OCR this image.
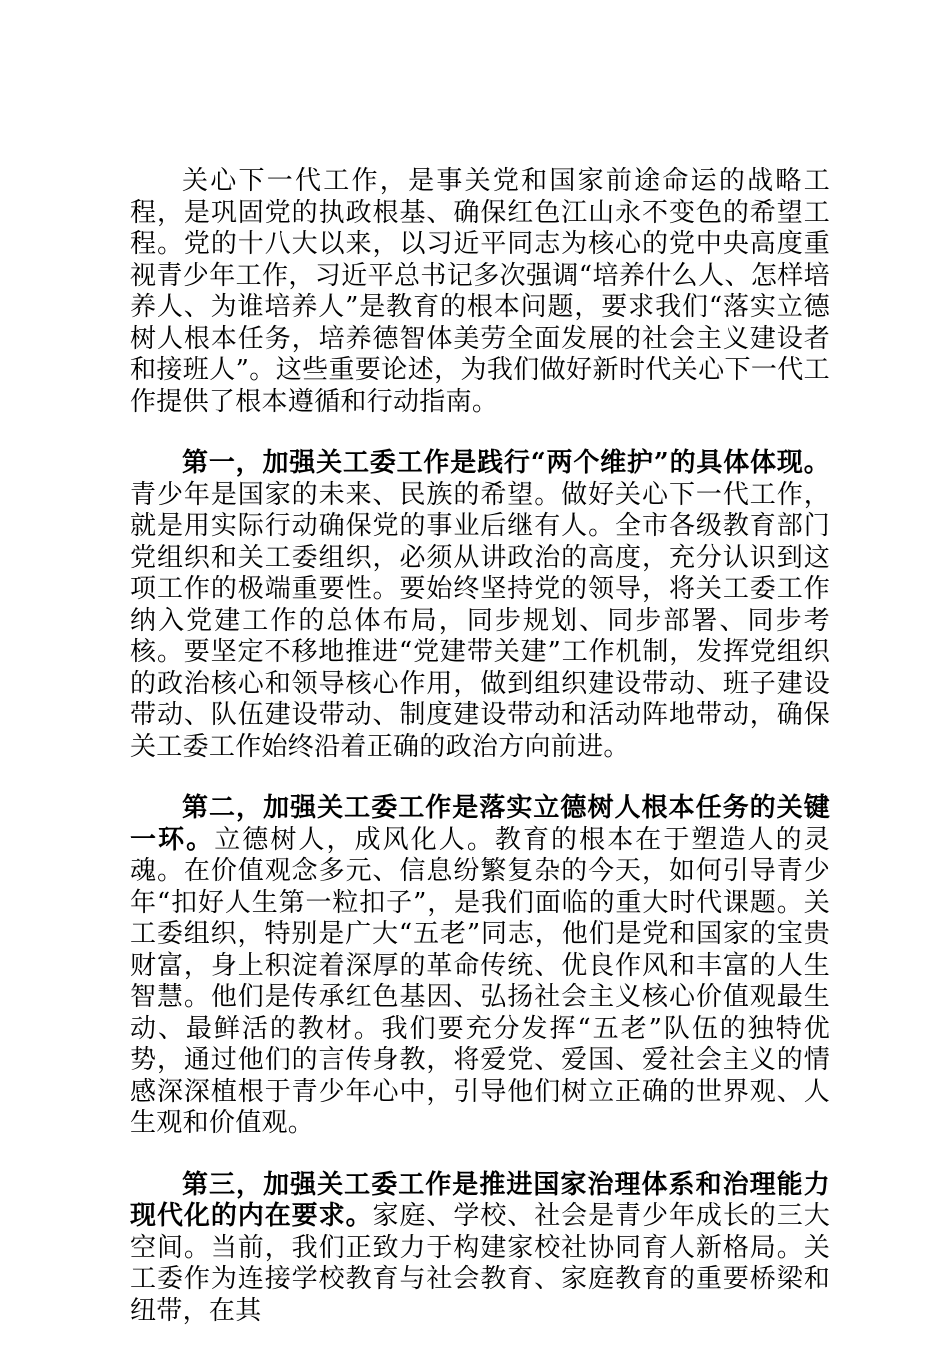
关心下一代工作，是事关党和国家前途命运的战略工程，是巩固党的执政根基、确保红色江山永不变色的希望工程。党的十八大以来，以习近平同志为核心的党中央高度重视青少年工作，习近平总书记多次强调“培养什么人、怎样培养人、为谁培养人”是教育的根本问题，要求我们“落实立德树人根本任务，培养德智体美劳全面发展的社会主义建设者和接班人”。这些重要论述，为我们做好新时代关心下一代工作提供了根本遵循和行动指南。

第一，加强关工委工作是践行“两个维护”的具体体现。青少年是国家的未来、民族的希望。做好关心下一代工作，就是用实际行动确保党的事业后继有人。全市各级教育部门党组织和关工委组织，必须从讲政治的高度，充分认识到这项工作的极端重要性。要始终坚持党的领导，将关工委工作纳入党建工作的总体布局，同步规划、同步部署、同步考核。要坚定不移地推进“党建带关建”工作机制，发挥党组织的政治核心和领导核心作用，做到组织建设带动、班子建设带动、队伍建设带动、制度建设带动和活动阵地带动，确保关工委工作始终沿着正确的政治方向前进。

第二，加强关工委工作是落实立德树人根本任务的关键一环。立德树人，成风化人。教育的根本在于塑造人的灵魂。在价值观念多元、信息纷繁复杂的今天，如何引导青少年“扣好人生第一粒扣子”，是我们面临的重大时代课题。关工委组织，特别是广大“五老”同志，他们是党和国家的宝贵财富，身上积淀着深厚的革命传统、优良作风和丰富的人生智慧。他们是传承红色基因、弘扬社会主义核心价值观最生动、最鲜活的教材。我们要充分发挥“五老”队伍的独特优势，通过他们的言传身教，将爱党、爱国、爱社会主义的情感深深植根于青少年心中，引导他们树立正确的世界观、人生观和价值观。

第三，加强关工委工作是推进国家治理体系和治理能力现代化的内在要求。家庭、学校、社会是青少年成长的三大空间。当前，我们正致力于构建家校社协同育人新格局。关工委作为连接学校教育与社会教育、家庭教育的重要桥梁和纽带，在其
